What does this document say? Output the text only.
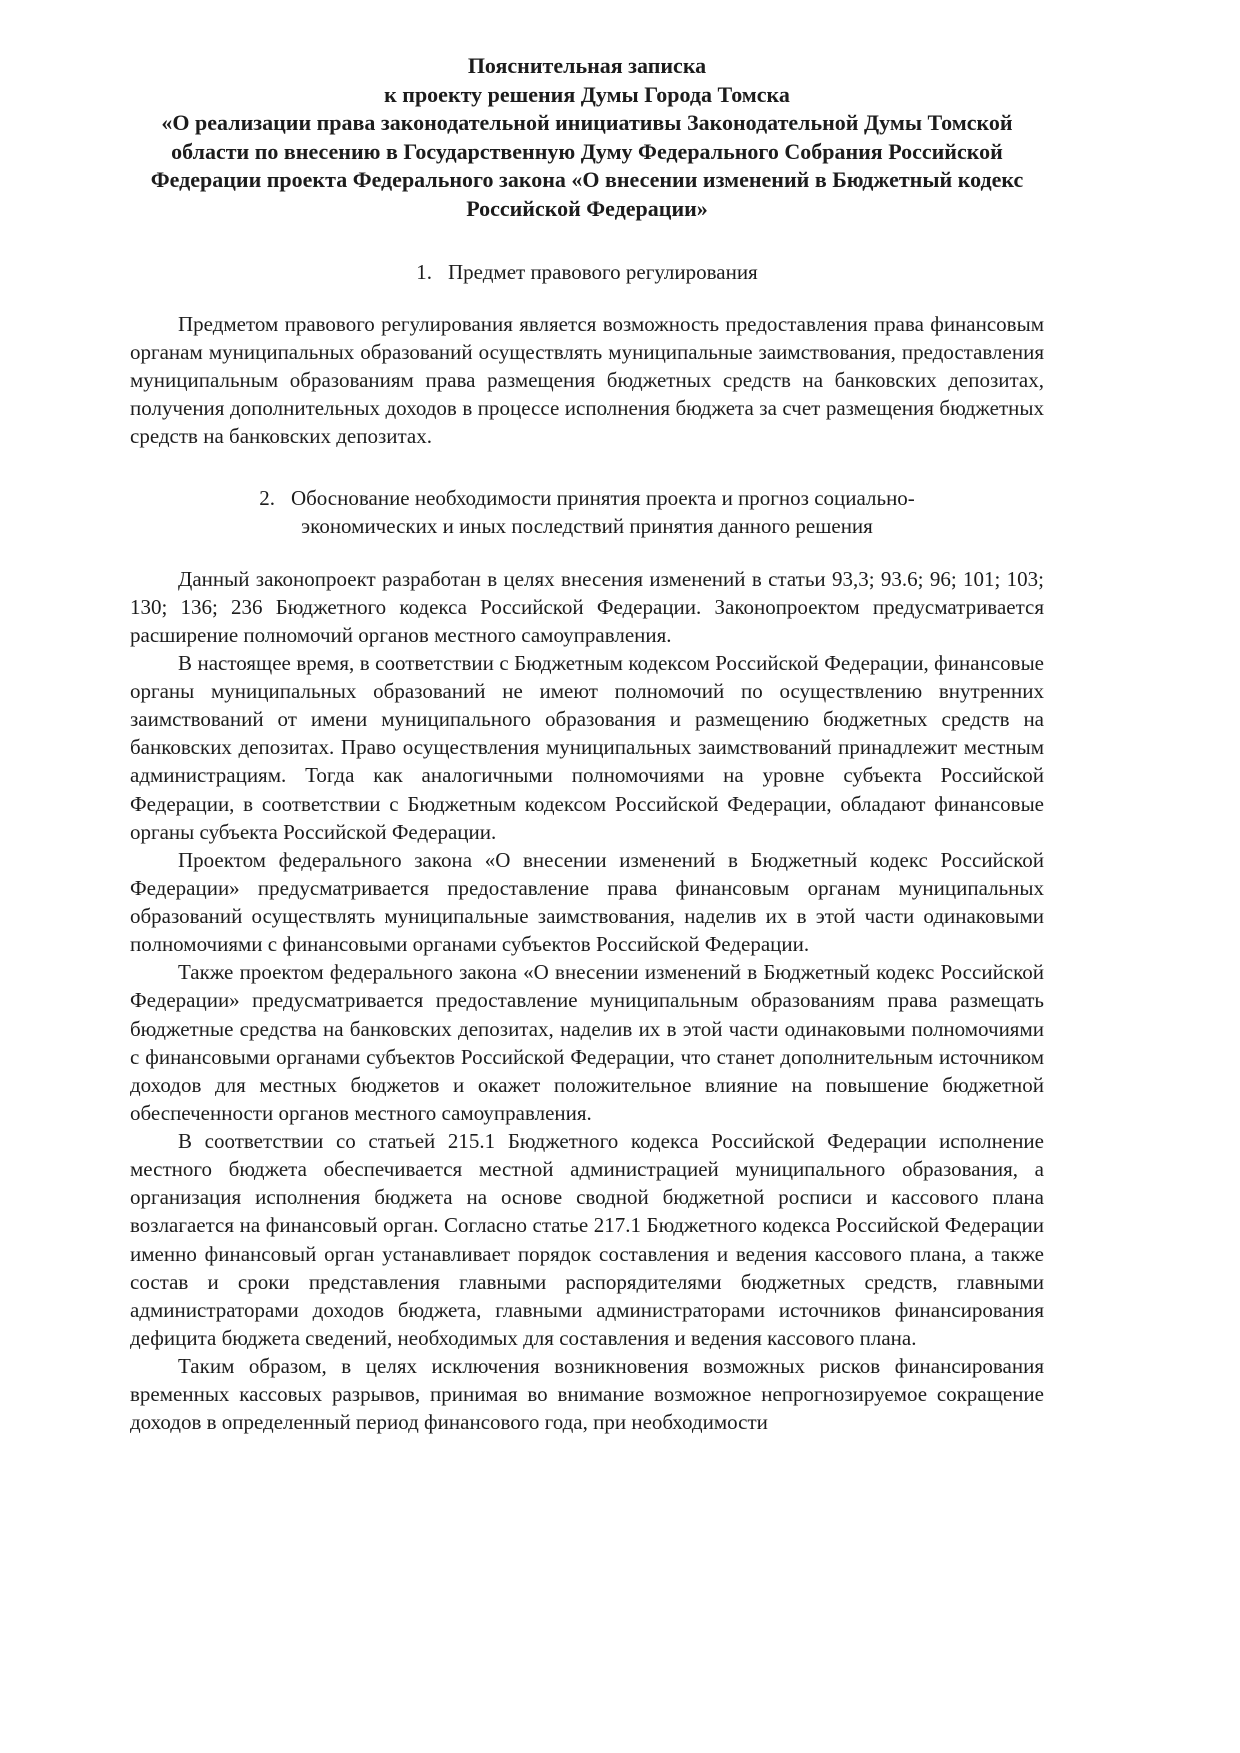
Пояснительная записка
к проекту решения Думы Города Томска
«О реализации права законодательной инициативы Законодательной Думы Томской области по внесению в Государственную Думу Федерального Собрания Российской Федерации проекта Федерального закона «О внесении изменений в Бюджетный кодекс Российской Федерации»
1. Предмет правового регулирования

Предметом правового регулирования является возможность предоставления права финансовым органам муниципальных образований осуществлять муниципальные заимствования, предоставления муниципальным образованиям права размещения бюджетных средств на банковских депозитах, получения дополнительных доходов в процессе исполнения бюджета за счет размещения бюджетных средств на банковских депозитах.

2. Обоснование необходимости принятия проекта и прогноз социально-экономических и иных последствий принятия данного решения

Данный законопроект разработан в целях внесения изменений в статьи 93,3; 93.6; 96; 101; 103; 130; 136; 236 Бюджетного кодекса Российской Федерации. Законопроектом предусматривается расширение полномочий органов местного самоуправления.

В настоящее время, в соответствии с Бюджетным кодексом Российской Федерации, финансовые органы муниципальных образований не имеют полномочий по осуществлению внутренних заимствований от имени муниципального образования и размещению бюджетных средств на банковских депозитах. Право осуществления муниципальных заимствований принадлежит местным администрациям. Тогда как аналогичными полномочиями на уровне субъекта Российской Федерации, в соответствии с Бюджетным кодексом Российской Федерации, обладают финансовые органы субъекта Российской Федерации.

Проектом федерального закона «О внесении изменений в Бюджетный кодекс Российской Федерации» предусматривается предоставление права финансовым органам муниципальных образований осуществлять муниципальные заимствования, наделив их в этой части одинаковыми полномочиями с финансовыми органами субъектов Российской Федерации.

Также проектом федерального закона «О внесении изменений в Бюджетный кодекс Российской Федерации» предусматривается предоставление муниципальным образованиям права размещать бюджетные средства на банковских депозитах, наделив их в этой части одинаковыми полномочиями с финансовыми органами субъектов Российской Федерации, что станет дополнительным источником доходов для местных бюджетов и окажет положительное влияние на повышение бюджетной обеспеченности органов местного самоуправления.

В соответствии со статьей 215.1 Бюджетного кодекса Российской Федерации исполнение местного бюджета обеспечивается местной администрацией муниципального образования, а организация исполнения бюджета на основе сводной бюджетной росписи и кассового плана возлагается на финансовый орган. Согласно статье 217.1 Бюджетного кодекса Российской Федерации именно финансовый орган устанавливает порядок составления и ведения кассового плана, а также состав и сроки представления главными распорядителями бюджетных средств, главными администраторами доходов бюджета, главными администраторами источников финансирования дефицита бюджета сведений, необходимых для составления и ведения кассового плана.

Таким образом, в целях исключения возникновения возможных рисков финансирования временных кассовых разрывов, принимая во внимание возможное непрогнозируемое сокращение доходов в определенный период финансового года, при необходимости
